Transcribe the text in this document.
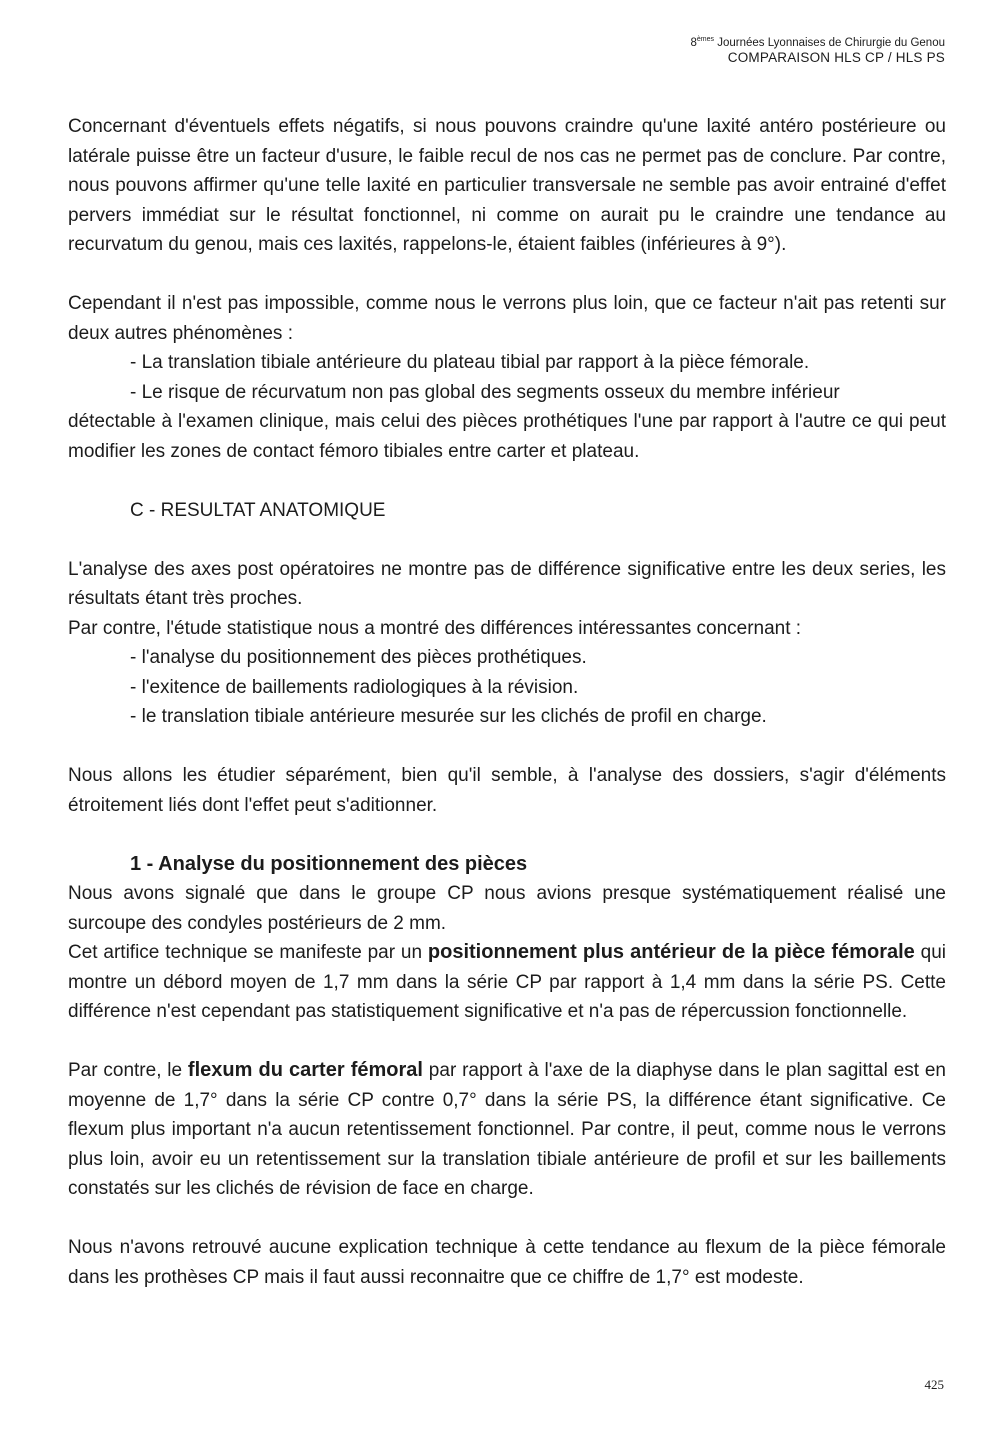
8èmes Journées Lyonnaises de Chirurgie du Genou
COMPARAISON HLS CP / HLS PS

Concernant d'éventuels effets négatifs, si nous pouvons craindre qu'une laxité antéro postérieure ou latérale puisse être un facteur d'usure, le faible recul de nos cas ne permet pas de conclure. Par contre, nous pouvons affirmer qu'une telle laxité en particulier transversale ne semble pas avoir entrainé d'effet pervers immédiat sur le résultat fonctionnel, ni comme on aurait pu le craindre une tendance au recurvatum du genou, mais ces laxités, rappelons-le, étaient faibles (inférieures à 9°).

Cependant il n'est pas impossible, comme nous le verrons plus loin, que ce facteur n'ait pas retenti sur deux autres phénomènes :

- La translation tibiale antérieure du plateau tibial par rapport à la pièce fémorale.

- Le risque de récurvatum non pas global des segments osseux du membre inférieur

détectable à l'examen clinique, mais celui des pièces prothétiques l'une par rapport à l'autre ce qui peut modifier les zones de contact fémoro tibiales entre carter et plateau.

C - RESULTAT ANATOMIQUE

L'analyse des axes post opératoires ne montre pas de différence significative entre les deux series, les résultats étant très proches.

Par contre, l'étude statistique nous a montré des différences intéressantes concernant :

- l'analyse du positionnement des pièces prothétiques.

- l'exitence de baillements radiologiques à la révision.

- le translation tibiale antérieure mesurée sur les clichés de profil en charge.

Nous allons les étudier séparément, bien qu'il semble, à l'analyse des dossiers, s'agir d'éléments étroitement liés dont l'effet peut s'aditionner.

1 - Analyse du positionnement des pièces

Nous avons signalé que dans le groupe CP nous avions presque systématiquement réalisé une surcoupe des condyles postérieurs de 2 mm.

Cet artifice technique se manifeste par un positionnement plus antérieur de la pièce fémorale qui montre un débord moyen de 1,7 mm dans la série CP par rapport à 1,4 mm dans la série PS. Cette différence n'est cependant pas statistiquement significative et n'a pas de répercussion fonctionnelle.

Par contre, le flexum du carter fémoral par rapport à l'axe de la diaphyse dans le plan sagittal est en moyenne de 1,7° dans la série CP contre 0,7° dans la série PS, la différence étant significative. Ce flexum plus important n'a aucun retentissement fonctionnel. Par contre, il peut, comme nous le verrons plus loin, avoir eu un retentissement sur la translation tibiale antérieure de profil et sur les baillements constatés sur les clichés de révision de face en charge.

Nous n'avons retrouvé aucune explication technique à cette tendance au flexum de la pièce fémorale dans les prothèses CP mais il faut aussi reconnaitre que ce chiffre de 1,7° est modeste.

425
